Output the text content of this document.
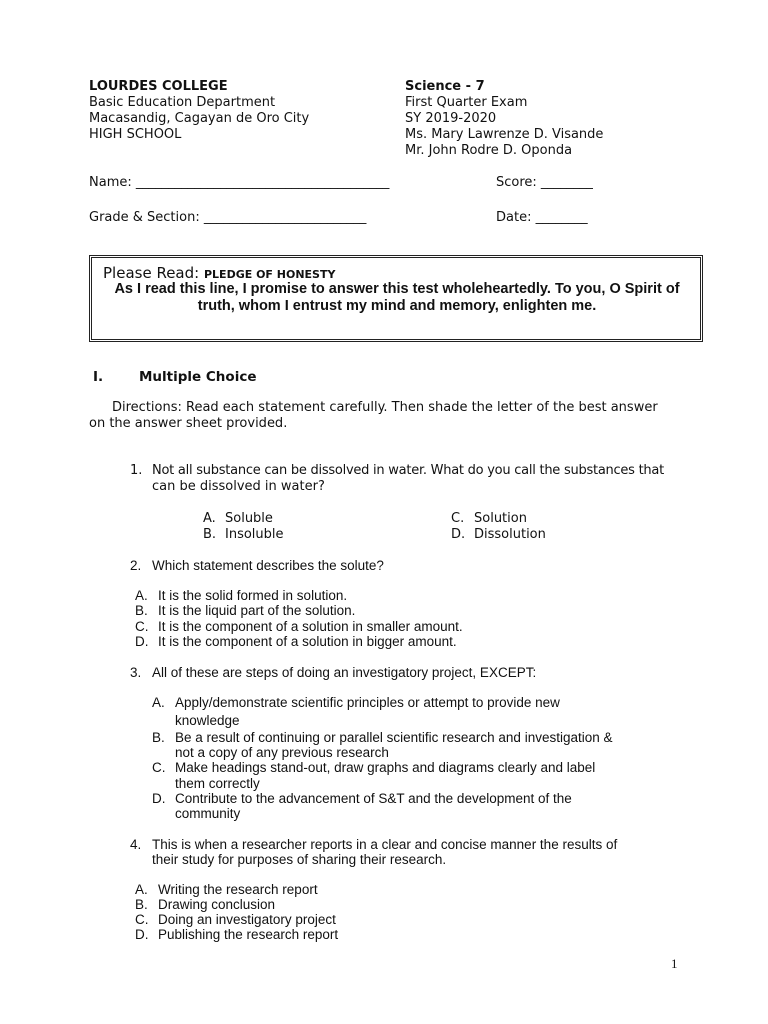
LOURDES COLLEGE
Basic Education Department
Macasandig, Cagayan de Oro City
HIGH SCHOOL
Science - 7
First Quarter Exam
SY 2019-2020
Ms. Mary Lawrenze D. Visande
Mr. John Rodre D. Oponda
Name: _______________________________________	Score: ________
Grade & Section: _________________________	Date: ________
Please Read: PLEDGE OF HONESTY
As I read this line, I promise to answer this test wholeheartedly. To you, O Spirit of truth, whom I entrust my mind and memory, enlighten me.
I.	Multiple Choice
Directions: Read each statement carefully. Then shade the letter of the best answer
on the answer sheet provided.
1. Not all substance can be dissolved in water. What do you call the substances that
can be dissolved in water?
A. Soluble
B. Insoluble
C. Solution
D. Dissolution
2. Which statement describes the solute?
A. It is the solid formed in solution.
B. It is the liquid part of the solution.
C. It is the component of a solution in smaller amount.
D. It is the component of a solution in bigger amount.
3. All of these are steps of doing an investigatory project, EXCEPT:
A. Apply/demonstrate scientific principles or attempt to provide new
knowledge
B. Be a result of continuing or parallel scientific research and investigation &
not a copy of any previous research
C. Make headings stand-out, draw graphs and diagrams clearly and label
them correctly
D. Contribute to the advancement of S&T and the development of the
community
4. This is when a researcher reports in a clear and concise manner the results of
their study for purposes of sharing their research.
A. Writing the research report
B. Drawing conclusion
C. Doing an investigatory project
D. Publishing the research report
1
